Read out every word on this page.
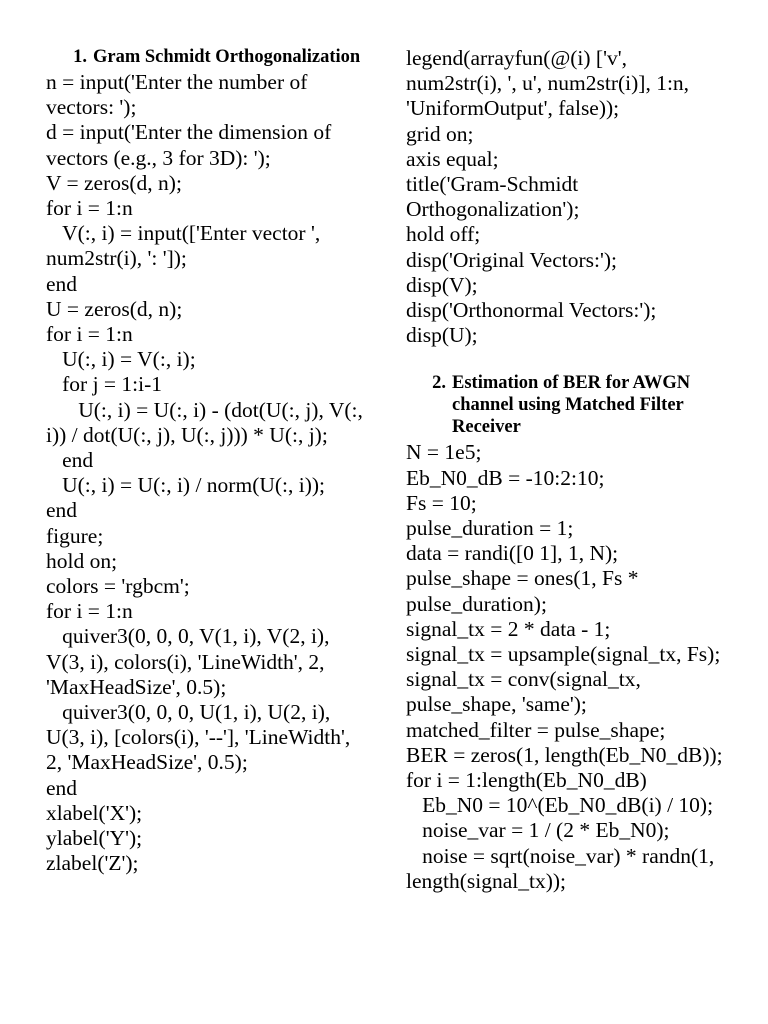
1. Gram Schmidt Orthogonalization
n = input('Enter the number of vectors: ');
d = input('Enter the dimension of vectors (e.g., 3 for 3D): ');
V = zeros(d, n);
for i = 1:n
V(:, i) = input(['Enter vector ', num2str(i), ': ']);
end
U = zeros(d, n);
for i = 1:n
U(:, i) = V(:, i);
for j = 1:i-1
U(:, i) = U(:, i) - (dot(U(:, j), V(:, i)) / dot(U(:, j), U(:, j))) * U(:, j);
end
U(:, i) = U(:, i) / norm(U(:, i));
end
figure;
hold on;
colors = 'rgbcm';
for i = 1:n
quiver3(0, 0, 0, V(1, i), V(2, i), V(3, i), colors(i), 'LineWidth', 2, 'MaxHeadSize', 0.5);
quiver3(0, 0, 0, U(1, i), U(2, i), U(3, i), [colors(i), '--'], 'LineWidth', 2, 'MaxHeadSize', 0.5);
end
xlabel('X');
ylabel('Y');
zlabel('Z');
legend(arrayfun(@(i) ['v', num2str(i), ', u', num2str(i)], 1:n, 'UniformOutput', false));
grid on;
axis equal;
title('Gram-Schmidt Orthogonalization');
hold off;
disp('Original Vectors:');
disp(V);
disp('Orthonormal Vectors:');
disp(U);
2. Estimation of BER for AWGN channel using Matched Filter Receiver
N = 1e5;
Eb_N0_dB = -10:2:10;
Fs = 10;
pulse_duration = 1;
data = randi([0 1], 1, N);
pulse_shape = ones(1, Fs * pulse_duration);
signal_tx = 2 * data - 1;
signal_tx = upsample(signal_tx, Fs);
signal_tx = conv(signal_tx, pulse_shape, 'same');
matched_filter = pulse_shape;
BER = zeros(1, length(Eb_N0_dB));
for i = 1:length(Eb_N0_dB)
Eb_N0 = 10^(Eb_N0_dB(i) / 10);
noise_var = 1 / (2 * Eb_N0);
noise = sqrt(noise_var) * randn(1, length(signal_tx));
